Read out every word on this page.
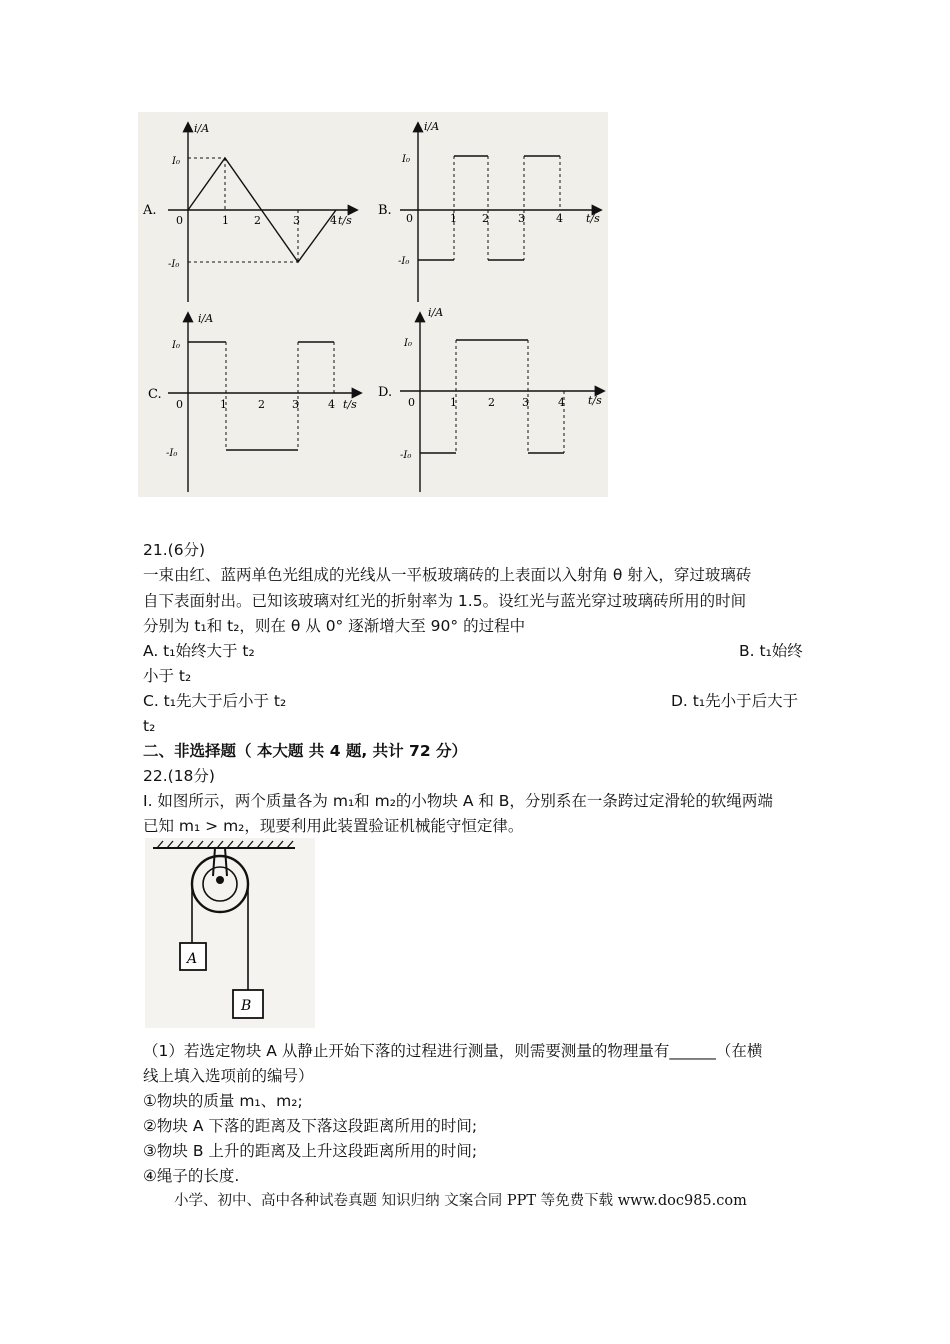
A.
i/A
t/s
I₀
-I₀
0	1 2	3	4
B.
i/A
t/s
I₀
-I₀
0	1 2	3	4
C.
i/A
t/s
I₀
-I₀
0	1	2 3	4
D.
i/A
t/s
I₀
-I₀
0	1	2 3	4
21.(6分)
一束由红、蓝两单色光组成的光线从一平板玻璃砖的上表面以入射角 θ 射入，穿过玻璃砖
自下表面射出。已知该玻璃对红光的折射率为 1.5。设红光与蓝光穿过玻璃砖所用的时间
分别为 t₁和 t₂，则在 θ 从 0° 逐渐增大至 90° 的过程中
A. t₁始终大于 t₂	B. t₁始终
小于 t₂
C. t₁先大于后小于 t₂	D. t₁先小于后大于
t₂
二、非选择题（ 本大题 共 4 题, 共计 72 分）
22.(18分)
I. 如图所示，两个质量各为 m₁和 m₂的小物块 A 和 B，分别系在一条跨过定滑轮的软绳两端
已知 m₁ > m₂，现要利用此装置验证机械能守恒定律。
A
B
（1）若选定物块 A 从静止开始下落的过程进行测量，则需要测量的物理量有______（在横
线上填入选项前的编号）
①物块的质量 m₁、m₂;
②物块 A 下落的距离及下落这段距离所用的时间;
③物块 B 上升的距离及上升这段距离所用的时间;
④绳子的长度.
小学、初中、高中各种试卷真题 知识归纳 文案合同 PPT 等免费下载 www.doc985.com
